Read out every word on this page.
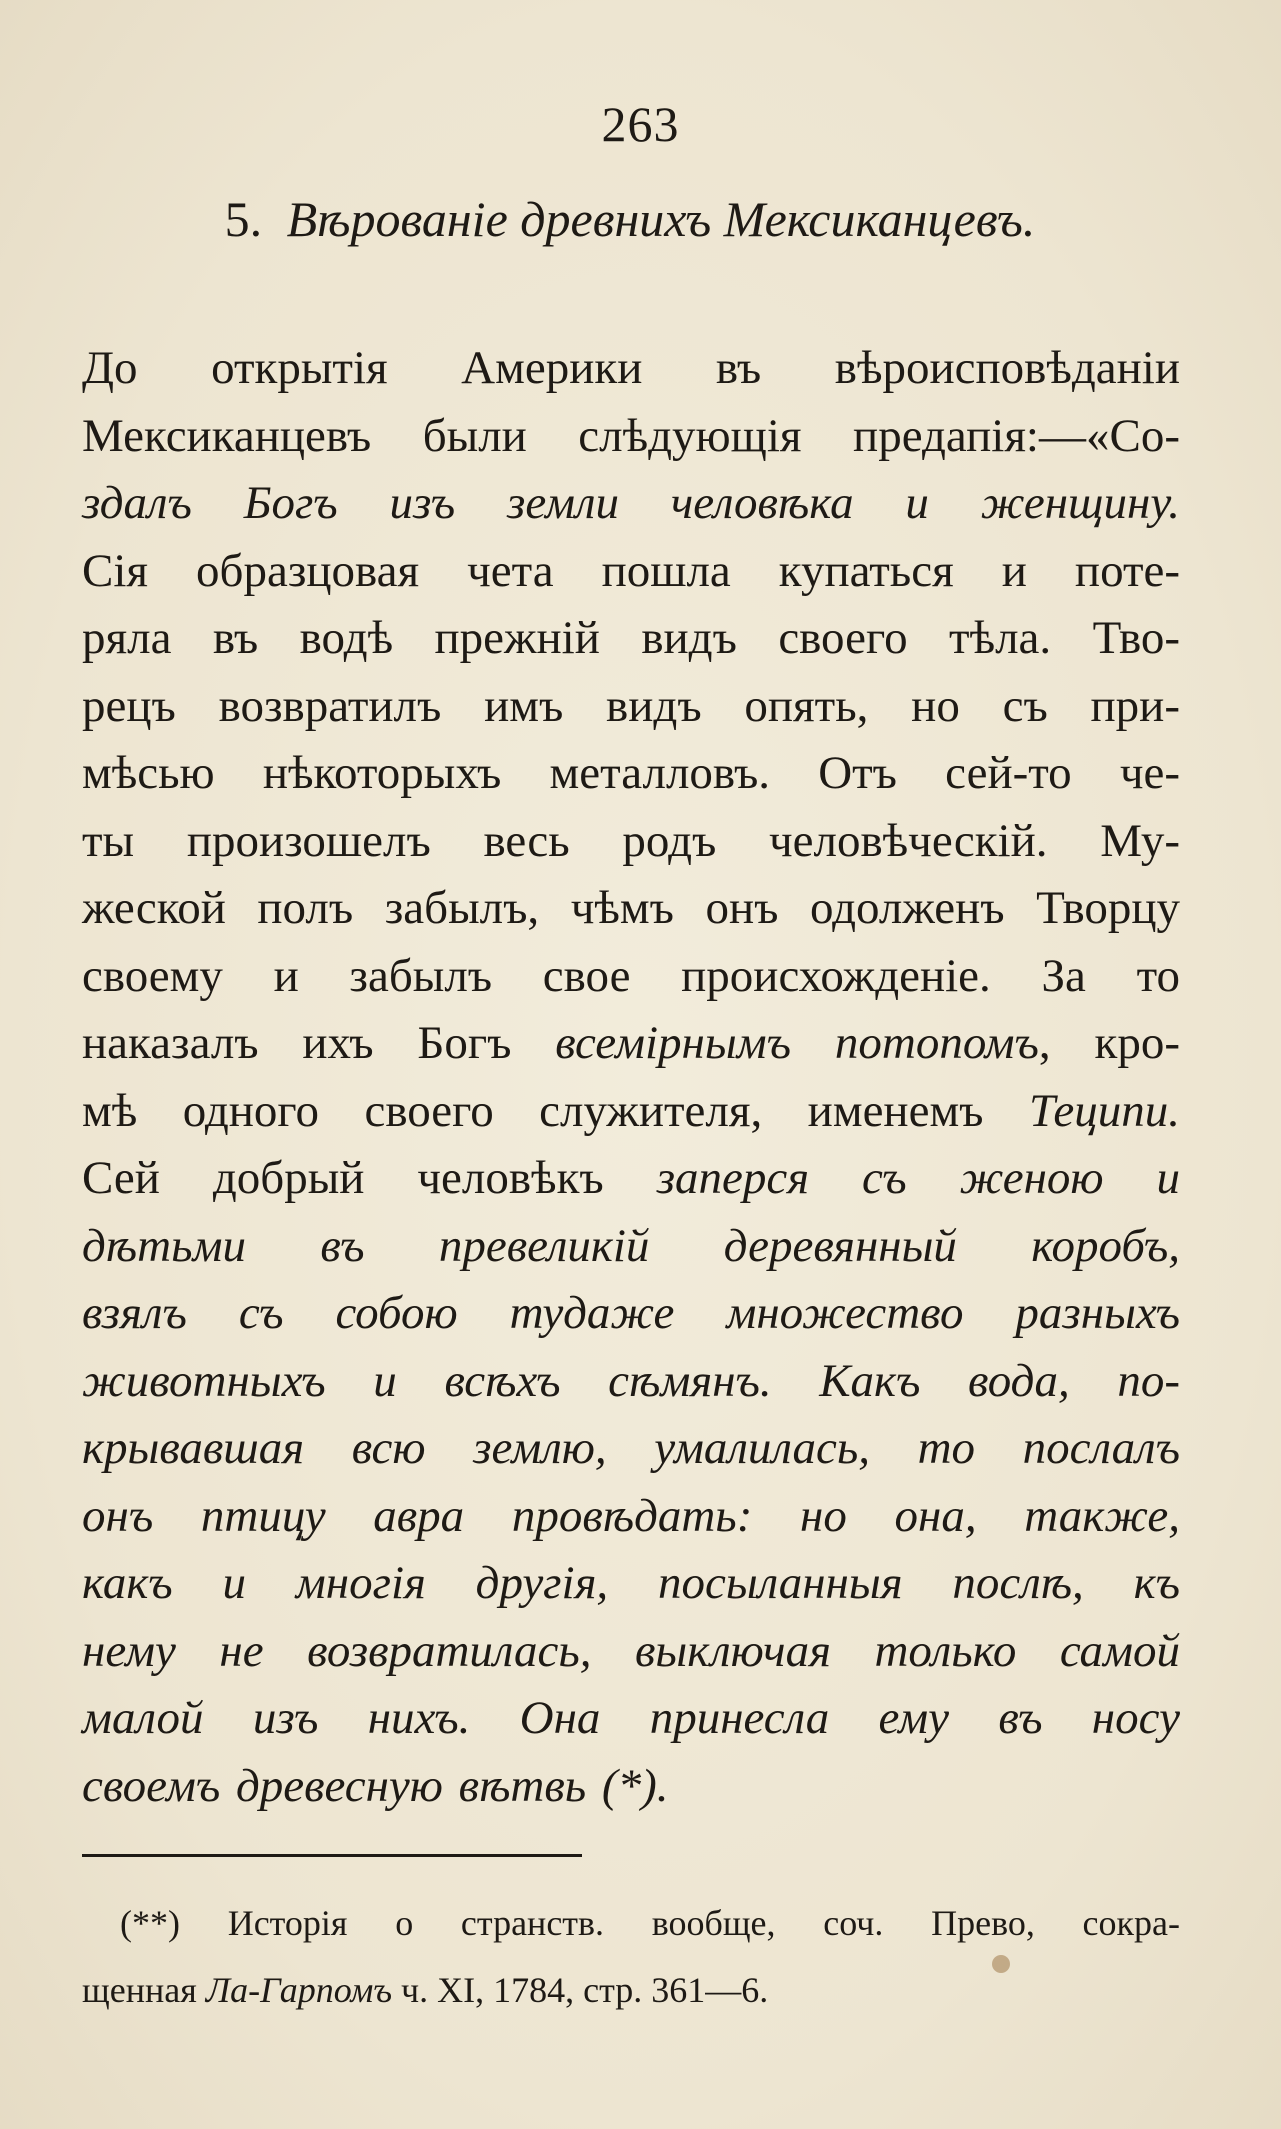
263
5. Вѣрованіе древнихъ Мексиканцевъ.
До открытія Америки въ вѣроисповѣданіи
Мексиканцевъ были слѣдующія предапія:—«Со-
здалъ Богъ изъ земли человѣка и женщину.
Сія образцовая чета пошла купаться и поте-
ряла въ водѣ прежній видъ своего тѣла. Тво-
рецъ возвратилъ имъ видъ опять, но съ при-
мѣсью нѣкоторыхъ металловъ. Отъ сей-то че-
ты произошелъ весь родъ человѣческій. Му-
жеской полъ забылъ, чѣмъ онъ одолженъ Творцу
своему и забылъ свое происхожденіе. За то
наказалъ ихъ Богъ всемірнымъ потопомъ, кро-
мѣ одного своего служителя, именемъ Теципи.
Сей добрый человѣкъ заперся съ женою и
дѣтьми въ превеликій деревянный коробъ,
взялъ съ собою тудаже множество разныхъ
животныхъ и всѣхъ сѣмянъ. Какъ вода, по-
крывавшая всю землю, умалилась, то послалъ
онъ птицу авра провѣдать: но она, также,
какъ и многія другія, посыланныя послѣ, къ
нему не возвратилась, выключая только самой
малой изъ нихъ. Она принесла ему въ носу
своемъ древесную вѣтвь (*).
(**) Исторія о странств. вообще, соч. Прево, сокра-
щенная Ла-Гарпомъ ч. XI, 1784, стр. 361—6.
